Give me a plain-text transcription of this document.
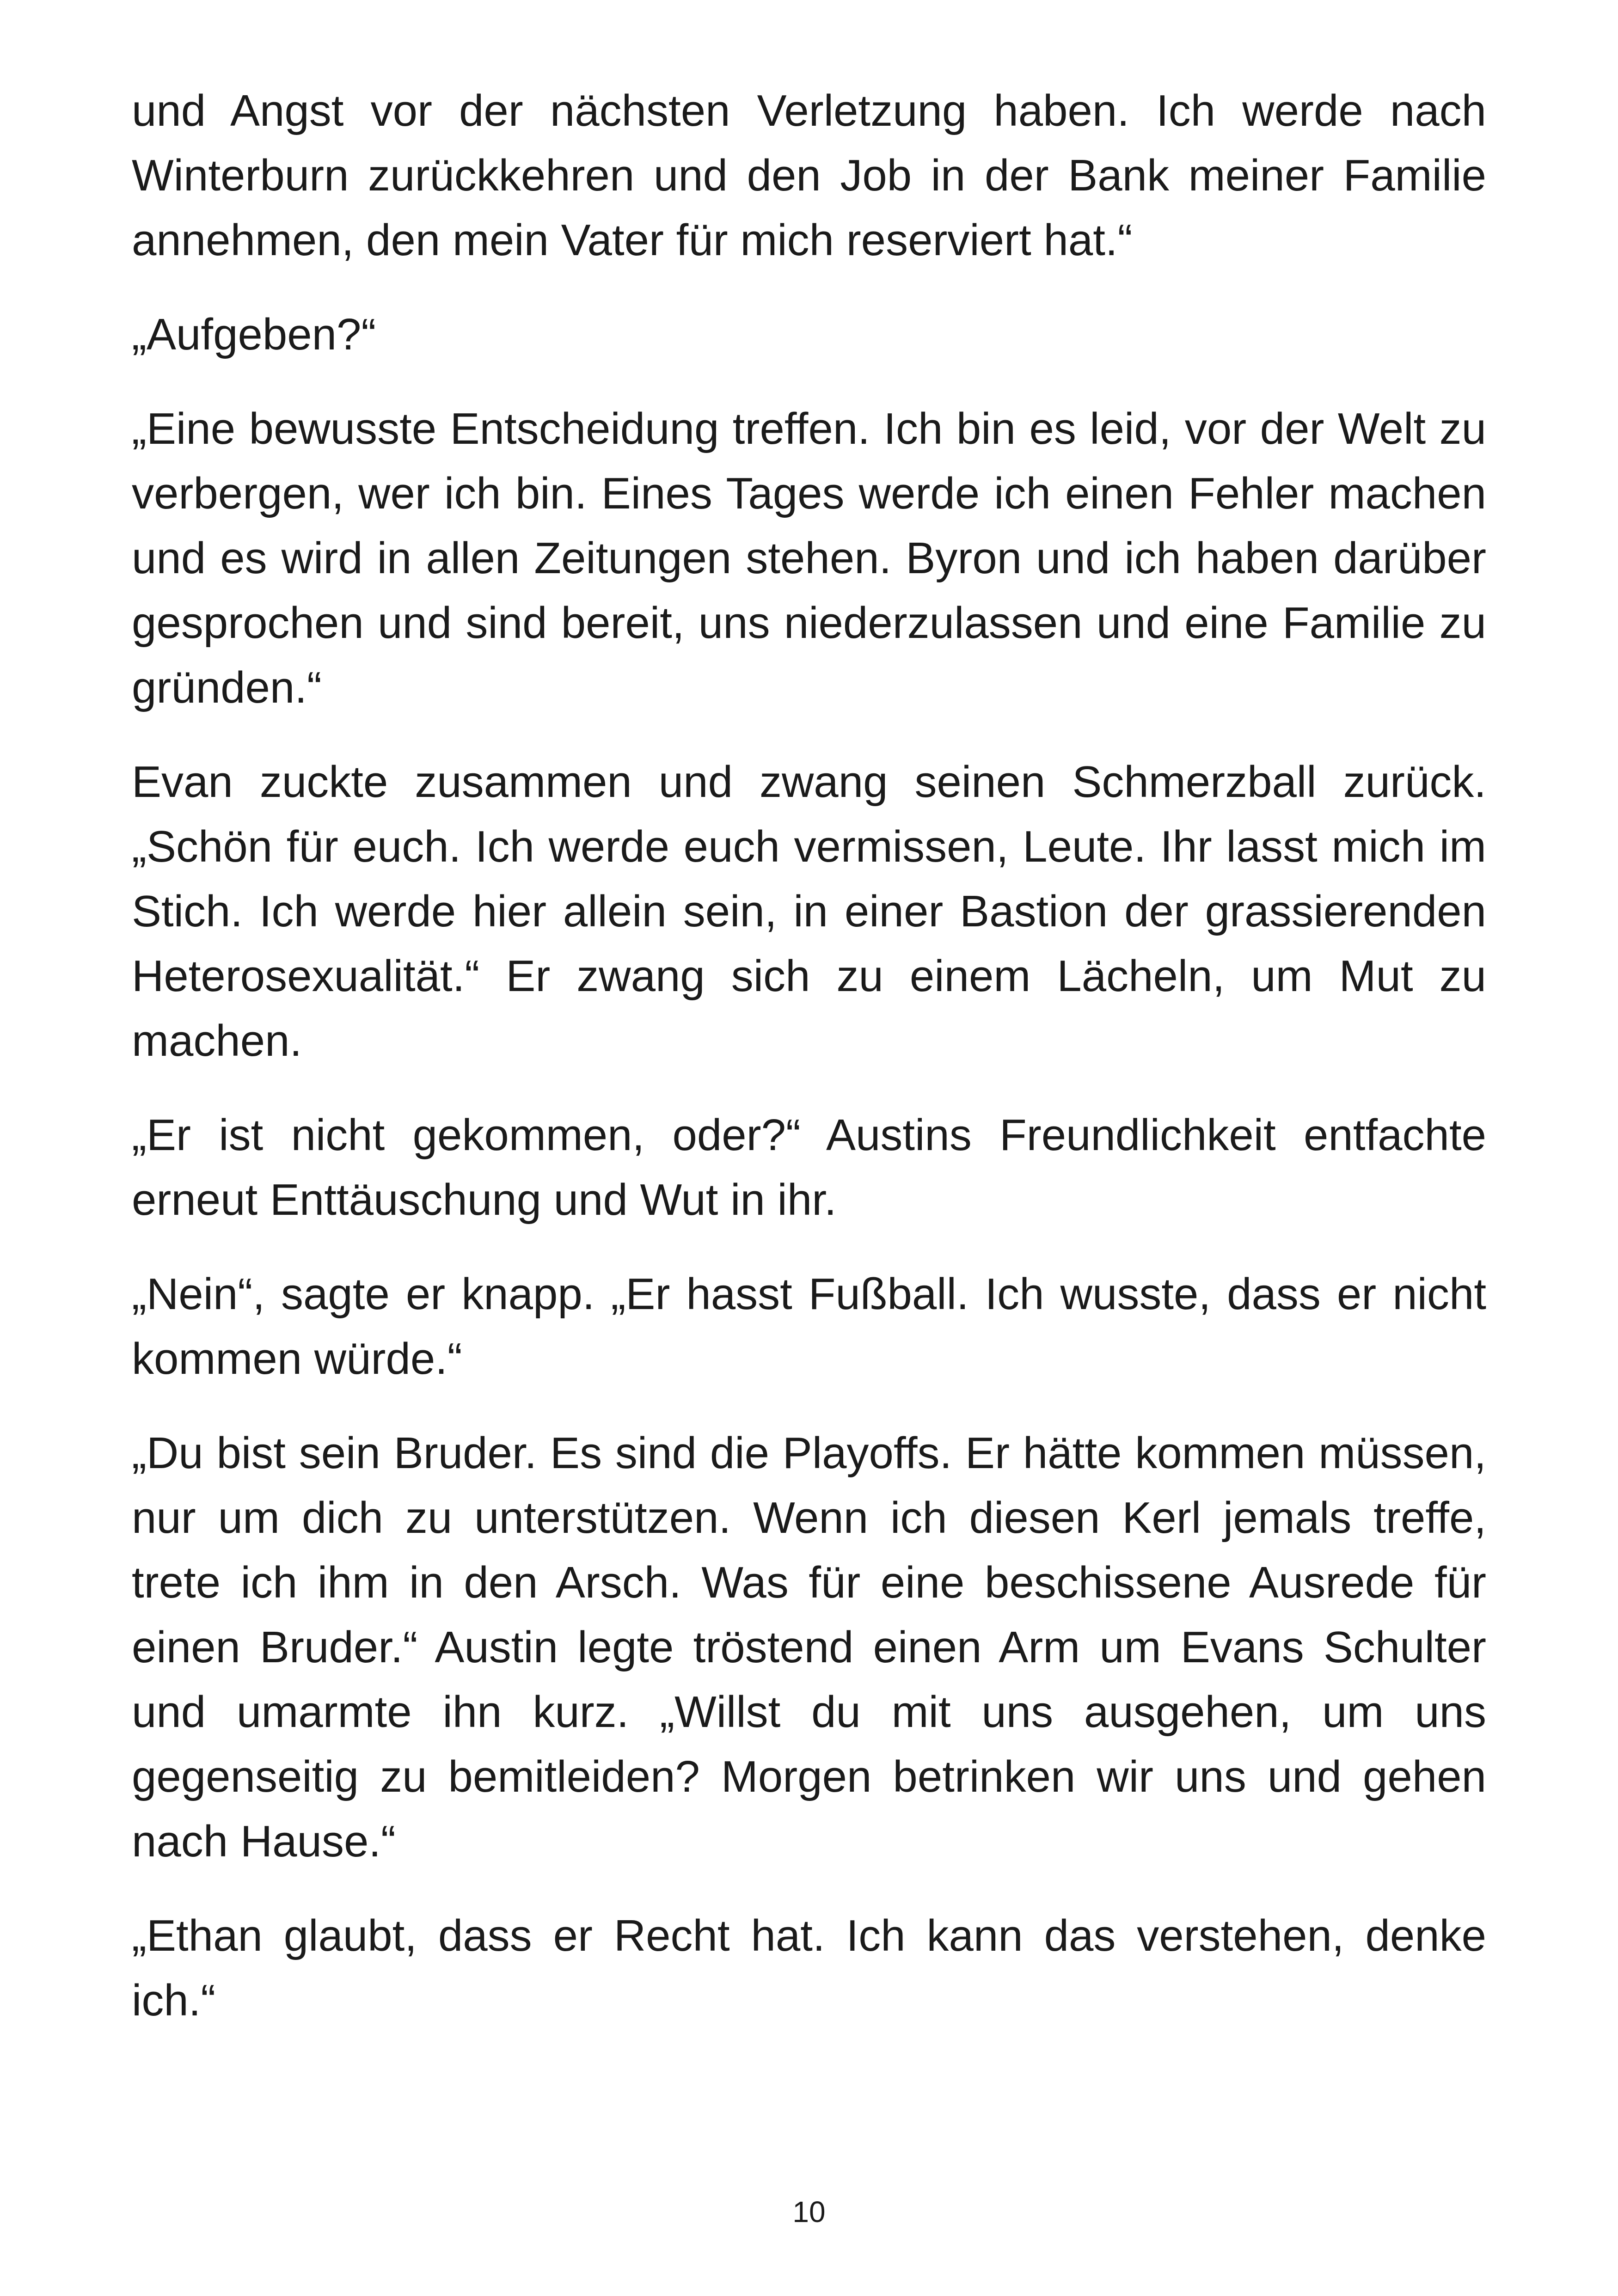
und Angst vor der nächsten Verletzung haben. Ich werde nach Winterburn zurückkehren und den Job in der Bank meiner Familie annehmen, den mein Vater für mich reserviert hat.“

„Aufgeben?“

„Eine bewusste Entscheidung treffen. Ich bin es leid, vor der Welt zu verbergen, wer ich bin. Eines Tages werde ich einen Fehler machen und es wird in allen Zeitungen stehen. Byron und ich haben darüber gesprochen und sind bereit, uns niederzulassen und eine Familie zu gründen.“

Evan zuckte zusammen und zwang seinen Schmerzball zurück. „Schön für euch. Ich werde euch vermissen, Leute. Ihr lasst mich im Stich. Ich werde hier allein sein, in einer Bastion der grassierenden Heterosexualität.“ Er zwang sich zu einem Lächeln, um Mut zu machen.

„Er ist nicht gekommen, oder?“ Austins Freundlichkeit entfachte erneut Enttäuschung und Wut in ihr.

„Nein“, sagte er knapp. „Er hasst Fußball. Ich wusste, dass er nicht kommen würde.“

„Du bist sein Bruder. Es sind die Playoffs. Er hätte kommen müssen, nur um dich zu unterstützen. Wenn ich diesen Kerl jemals treffe, trete ich ihm in den Arsch. Was für eine beschissene Ausrede für einen Bruder.“ Austin legte tröstend einen Arm um Evans Schulter und umarmte ihn kurz. „Willst du mit uns ausgehen, um uns gegenseitig zu bemitleiden? Morgen betrinken wir uns und gehen nach Hause.“

„Ethan glaubt, dass er Recht hat. Ich kann das verstehen, denke ich.“

10
